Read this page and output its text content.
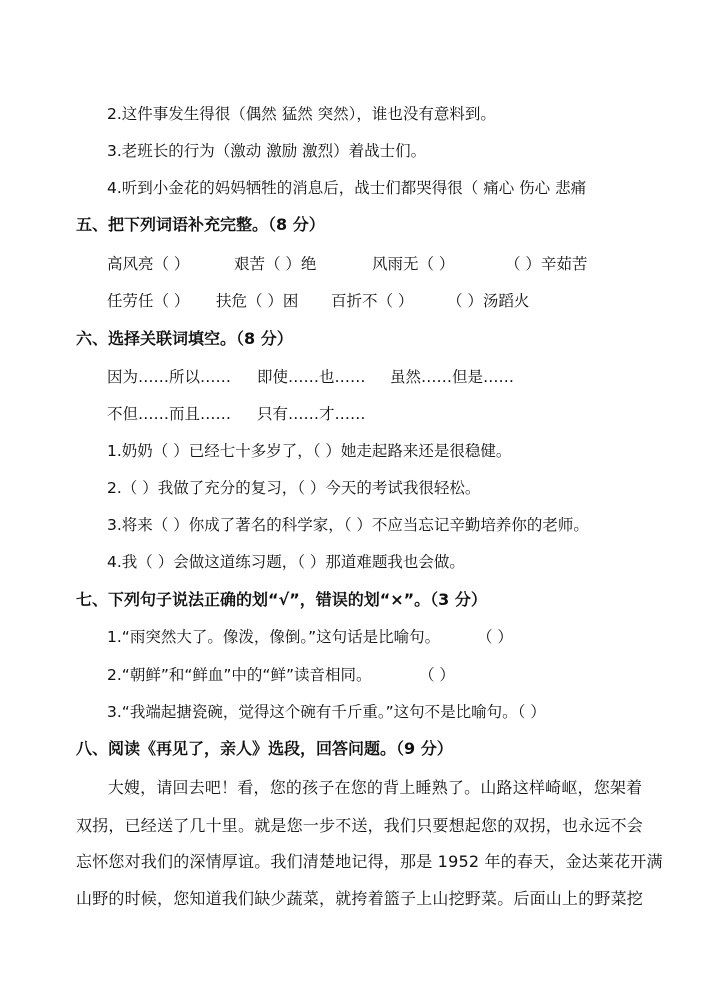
2.这件事发生得很（偶然 猛然 突然），谁也没有意料到。
3.老班长的行为（激动 激励 激烈）着战士们。
4.听到小金花的妈妈牺牲的消息后，战士们都哭得很（ 痛心 伤心 悲痛
五、把下列词语补充完整。（8 分）
高风亮（ ）	艰苦（ ）绝	风雨无（ ）	（ ）辛茹苦
任劳任（ ） 扶危（ ）困 百折不（ ） （ ）汤蹈火
六、选择关联词填空。（8 分）
因为……所以…… 即使……也…… 虽然……但是……
不但……而且…… 只有……才……
1.奶奶（ ）已经七十多岁了，（ ）她走起路来还是很稳健。
2.（ ）我做了充分的复习，（ ）今天的考试我很轻松。
3.将来（ ）你成了著名的科学家，（ ）不应当忘记辛勤培养你的老师。
4.我（ ）会做这道练习题，（ ）那道难题我也会做。
七、下列句子说法正确的划“√”，错误的划“×”。（3 分）
1.“雨突然大了。像泼，像倒。”这句话是比喻句。 （ ）
2.“朝鲜”和“鲜血”中的“鲜”读音相同。	（ ）
3.“我端起搪瓷碗，觉得这个碗有千斤重。”这句不是比喻句。（ ）
八、阅读《再见了，亲人》选段，回答问题。（9 分）
大嫂，请回去吧！看，您的孩子在您的背上睡熟了。山路这样崎岖，您架着
双拐，已经送了几十里。就是您一步不送，我们只要想起您的双拐，也永远不会
忘怀您对我们的深情厚谊。我们清楚地记得，那是 1952 年的春天，金达莱花开满
山野的时候，您知道我们缺少蔬菜，就挎着篮子上山挖野菜。后面山上的野菜挖
